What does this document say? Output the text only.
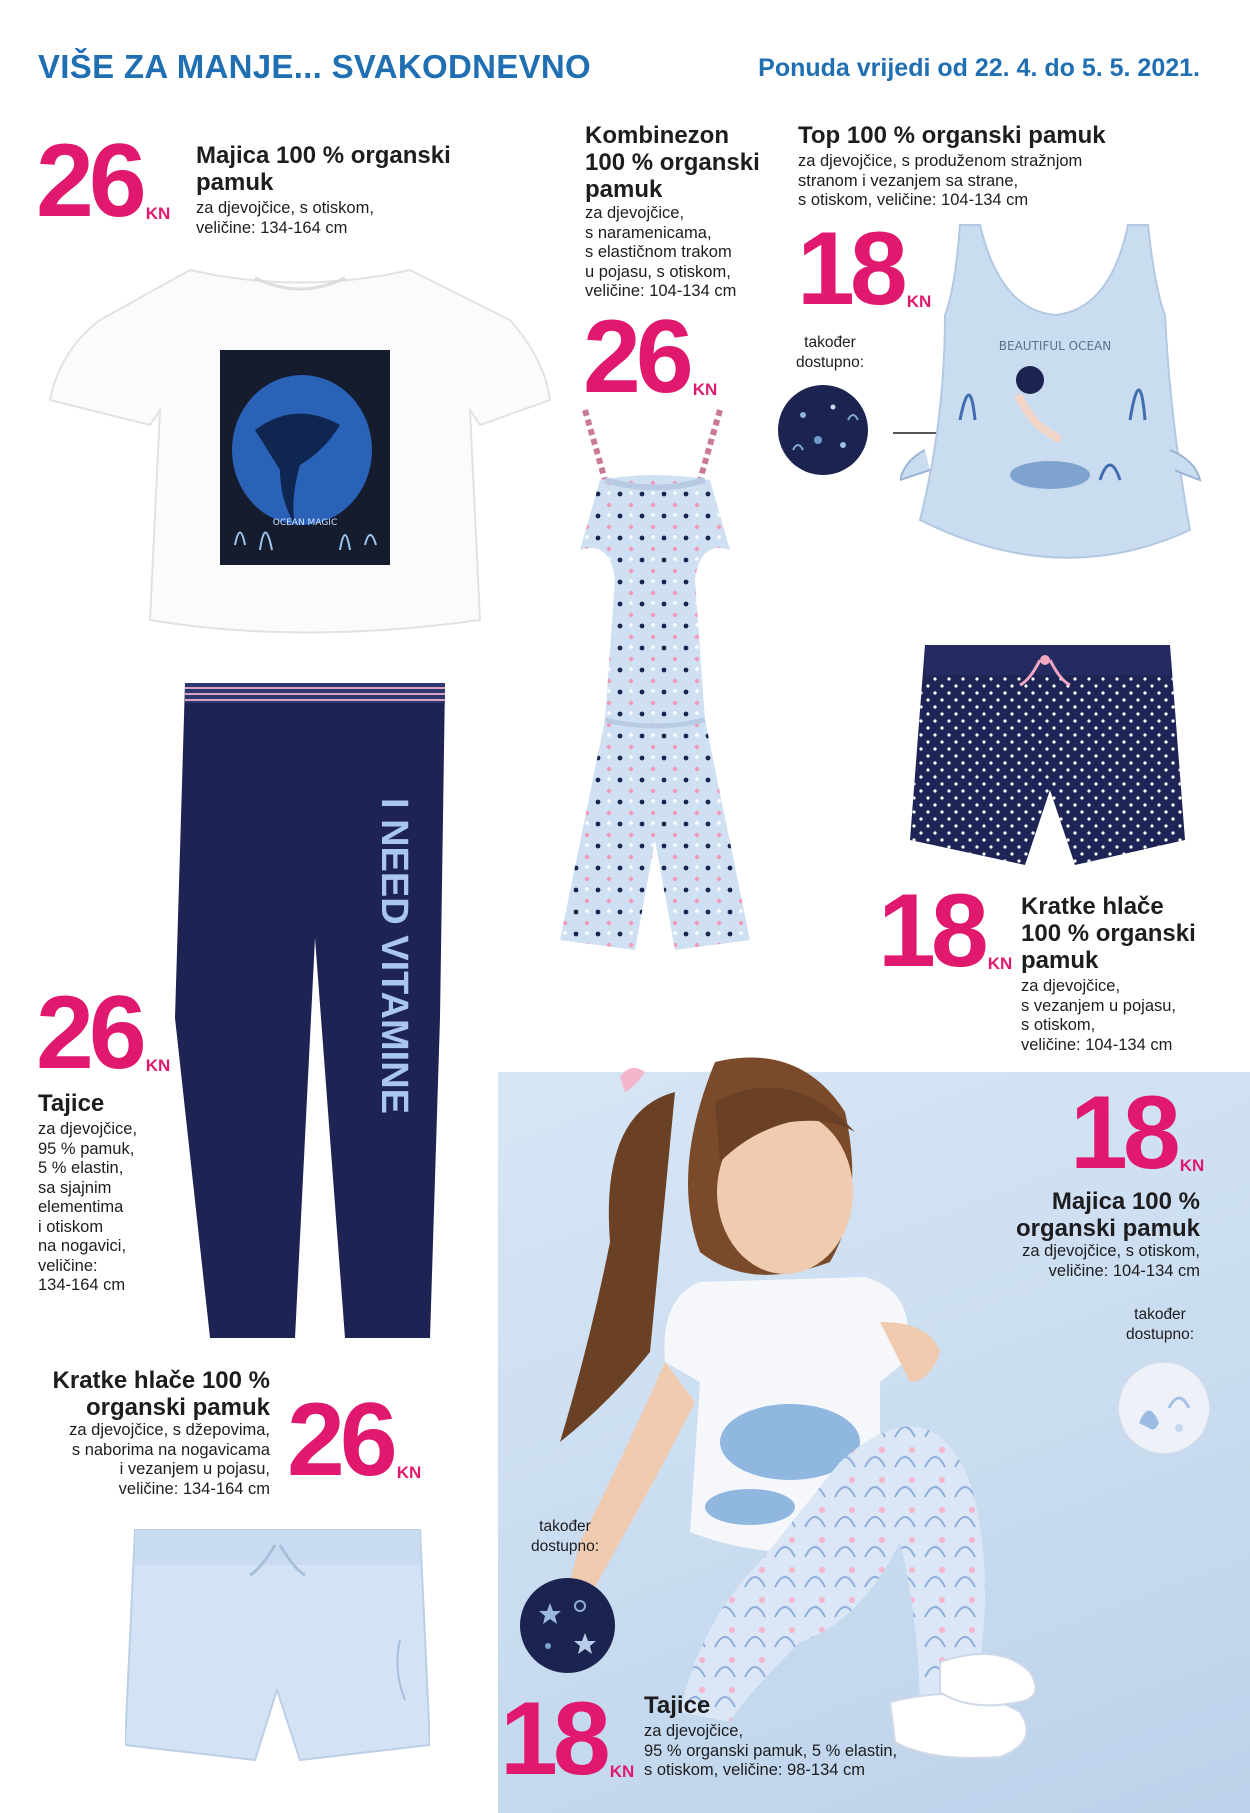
VIŠE ZA MANJE... SVAKODNEVNO	Ponuda vrijedi od 22. 4. do 5. 5. 2021.
26 KN
Majica 100 % organski
pamuk
za djevojčice, s otiskom,
veličine: 134-164 cm
OCEAN MAGIC
Kombinezon
100 % organski
pamuk
za djevojčice,
s naramenicama,
s elastičnom trakom
u pojasu, s otiskom,
veličine: 104-134 cm
26 KN
Top 100 % organski pamuk
za djevojčice, s produženom stražnjom
stranom i vezanjem sa strane,
s otiskom, veličine: 104-134 cm
18 KN
također
dostupno:
BEAUTIFUL OCEAN
18 KN
Kratke hlače
100 % organski
pamuk
za djevojčice,
s vezanjem u pojasu,
s otiskom,
veličine: 104-134 cm
I NEED VITAMINE
26 KN
Tajice
za djevojčice,
95 % pamuk,
5 % elastin,
sa sjajnim
elementima
i otiskom
na nogavici,
veličine:
134-164 cm
18 KN
Majica 100 %
organski pamuk
za djevojčice, s otiskom,
veličine: 104-134 cm
također
dostupno:
Kratke hlače 100 %
organski pamuk
za djevojčice, s džepovima,
s naborima na nogavicama
i vezanjem u pojasu,
veličine: 134-164 cm 26 KN
također
dostupno:
18 KN
Tajice
za djevojčice,
95 % organski pamuk, 5 % elastin,
s otiskom, veličine: 98-134 cm
